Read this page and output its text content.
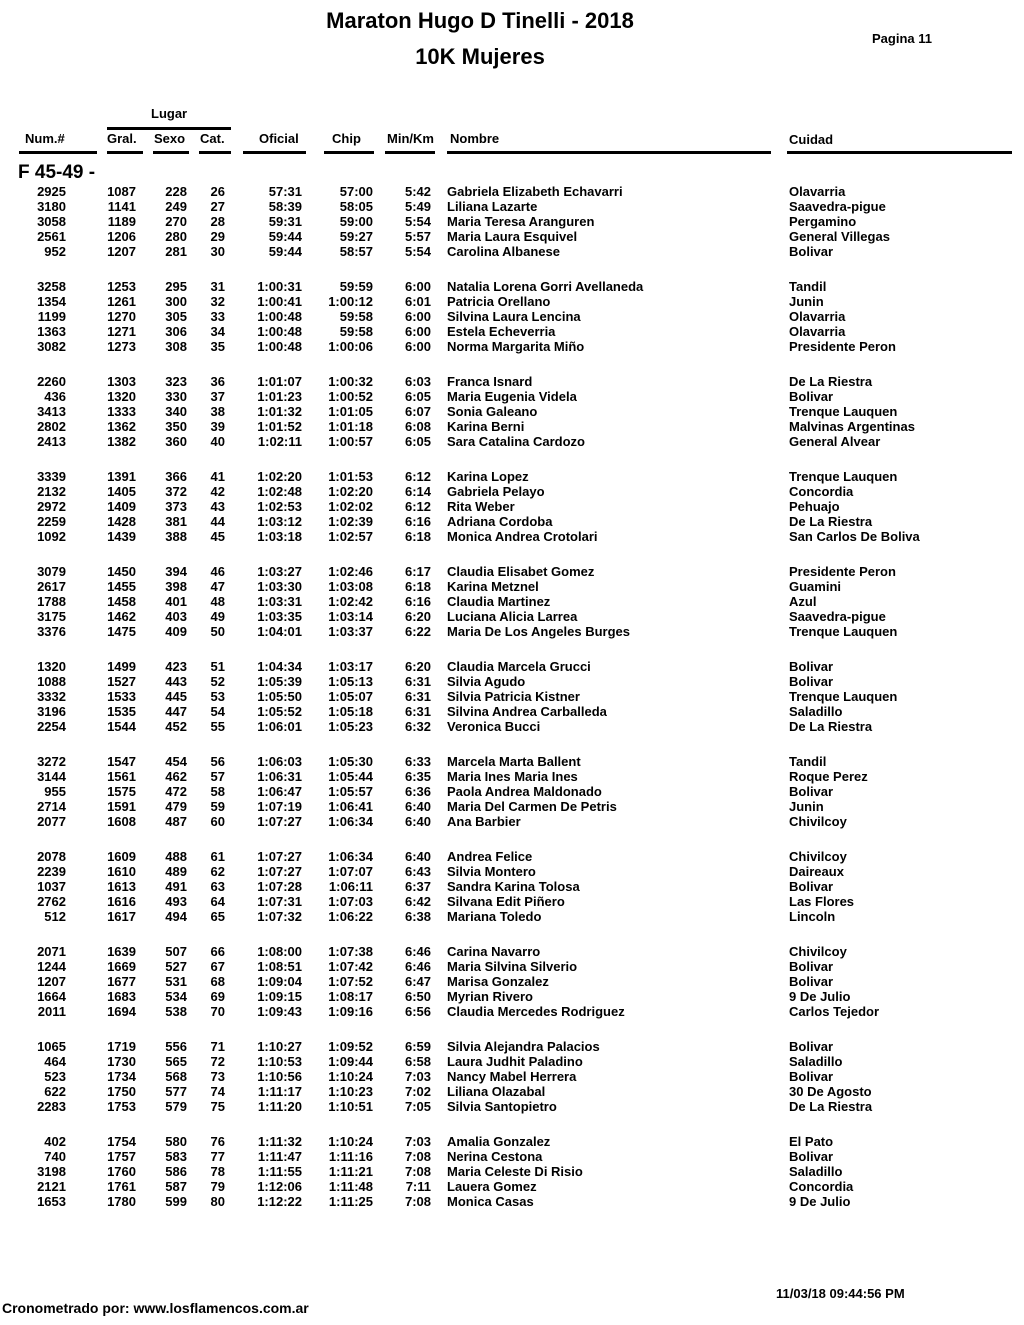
Maraton Hugo D Tinelli - 2018
10K Mujeres
Pagina 11
Lugar
Num.#	Gral. Sexo Cat.	Oficial	Chip Min/Km Nombre	Cuidad
F 45-49 -
2925	1087 228 26	57:31	57:00 5:42 Gabriela Elizabeth Echavarri	Olavarria
3180	1141 249 27	58:39	58:05 5:49 Liliana Lazarte	Saavedra-pigue
3058	1189 270 28	59:31	59:00 5:54 Maria Teresa Aranguren	Pergamino
2561	1206 280 29	59:44	59:27 5:57 Maria Laura Esquivel	General Villegas
952	1207 281 30	59:44	58:57 5:54 Carolina Albanese	Bolivar
3258	1253 295 31 1:00:31	59:59 6:00 Natalia Lorena Gorri Avellaneda	Tandil
1354	1261 300 32 1:00:41 1:00:12 6:01 Patricia Orellano	Junin
1199	1270 305 33 1:00:48	59:58 6:00 Silvina Laura Lencina	Olavarria
1363	1271 306 34 1:00:48	59:58 6:00 Estela Echeverria	Olavarria
3082	1273 308 35 1:00:48 1:00:06 6:00 Norma Margarita Miño	Presidente Peron
2260	1303 323 36 1:01:07 1:00:32 6:03 Franca Isnard	De La Riestra
436	1320 330 37 1:01:23 1:00:52 6:05 Maria Eugenia Videla	Bolivar
3413	1333 340 38 1:01:32 1:01:05 6:07 Sonia Galeano	Trenque Lauquen
2802	1362 350 39 1:01:52 1:01:18 6:08 Karina Berni	Malvinas Argentinas
2413	1382 360 40	1:02:11 1:00:57 6:05 Sara Catalina Cardozo	General Alvear
3339	1391 366 41 1:02:20 1:01:53 6:12 Karina Lopez	Trenque Lauquen
2132	1405 372 42 1:02:48 1:02:20 6:14 Gabriela Pelayo	Concordia
2972	1409 373 43 1:02:53 1:02:02 6:12 Rita Weber	Pehuajo
2259	1428 381 44 1:03:12 1:02:39 6:16 Adriana Cordoba	De La Riestra
1092	1439 388 45 1:03:18 1:02:57 6:18 Monica Andrea Crotolari	San Carlos De Boliva
3079	1450 394 46 1:03:27 1:02:46 6:17 Claudia Elisabet Gomez	Presidente Peron
2617	1455 398 47 1:03:30 1:03:08 6:18 Karina Metznel	Guamini
1788	1458 401 48 1:03:31 1:02:42 6:16 Claudia Martinez	Azul
3175	1462 403 49 1:03:35 1:03:14 6:20 Luciana Alicia Larrea	Saavedra-pigue
3376	1475 409 50 1:04:01 1:03:37 6:22 Maria De Los Angeles Burges	Trenque Lauquen
1320	1499 423 51 1:04:34 1:03:17 6:20 Claudia Marcela Grucci	Bolivar
1088	1527 443 52 1:05:39 1:05:13 6:31 Silvia Agudo	Bolivar
3332	1533 445 53 1:05:50 1:05:07 6:31 Silvia Patricia Kistner	Trenque Lauquen
3196	1535 447 54 1:05:52 1:05:18 6:31 Silvina Andrea Carballeda	Saladillo
2254	1544 452 55 1:06:01 1:05:23 6:32 Veronica Bucci	De La Riestra
3272	1547 454 56 1:06:03 1:05:30 6:33 Marcela Marta Ballent	Tandil
3144	1561 462 57 1:06:31 1:05:44 6:35 Maria Ines Maria Ines	Roque Perez
955	1575 472 58 1:06:47 1:05:57 6:36 Paola Andrea Maldonado	Bolivar
2714	1591 479 59 1:07:19 1:06:41 6:40 Maria Del Carmen De Petris	Junin
2077	1608 487 60 1:07:27 1:06:34 6:40 Ana Barbier	Chivilcoy
2078	1609 488 61 1:07:27 1:06:34 6:40 Andrea Felice	Chivilcoy
2239	1610 489 62 1:07:27 1:07:07 6:43 Silvia Montero	Daireaux
1037	1613 491 63 1:07:28 1:06:11 6:37 Sandra Karina Tolosa	Bolivar
2762	1616 493 64 1:07:31 1:07:03 6:42 Silvana Edit Piñero	Las Flores
512	1617 494 65 1:07:32 1:06:22 6:38 Mariana Toledo	Lincoln
2071	1639 507 66 1:08:00 1:07:38 6:46 Carina Navarro	Chivilcoy
1244	1669 527 67 1:08:51 1:07:42 6:46 Maria Silvina Silverio	Bolivar
1207	1677 531 68 1:09:04 1:07:52 6:47 Marisa Gonzalez	Bolivar
1664	1683 534 69 1:09:15 1:08:17 6:50 Myrian Rivero	9 De Julio
2011	1694 538 70 1:09:43 1:09:16 6:56 Claudia Mercedes Rodriguez	Carlos Tejedor
1065	1719 556 71 1:10:27 1:09:52 6:59 Silvia Alejandra Palacios	Bolivar
464	1730 565 72 1:10:53 1:09:44 6:58 Laura Judhit Paladino	Saladillo
523	1734 568 73 1:10:56 1:10:24 7:03 Nancy Mabel Herrera	Bolivar
622	1750 577 74	1:11:17 1:10:23 7:02 Liliana Olazabal	30 De Agosto
2283	1753 579 75	1:11:20 1:10:51 7:05 Silvia Santopietro	De La Riestra
402	1754 580 76	1:11:32 1:10:24 7:03 Amalia Gonzalez	El Pato
740	1757 583 77	1:11:47 1:11:16 7:08 Nerina Cestona	Bolivar
3198	1760 586 78	1:11:55 1:11:21 7:08 Maria Celeste Di Risio	Saladillo
2121	1761 587 79 1:12:06 1:11:48	7:11 Lauera Gomez	Concordia
1653	1780 599 80 1:12:22 1:11:25 7:08 Monica Casas	9 De Julio
Cronometrado por: www.losflamencos.com.ar
11/03/18 09:44:56 PM
